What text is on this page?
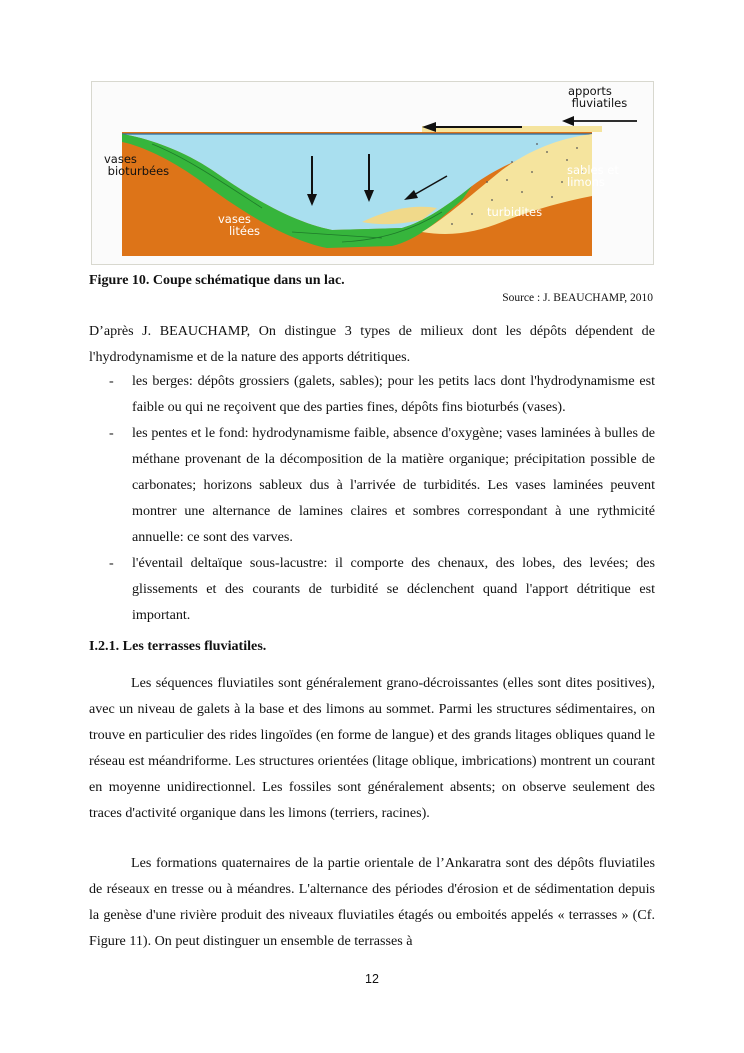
apports
fluviatiles

vases
bioturbées	sables et
limons

turbidites

vases
litées

Figure 10. Coupe schématique dans un lac.

Source : J. BEAUCHAMP, 2010

D’après J. BEAUCHAMP, On distingue 3 types de milieux dont les dépôts dépendent de l'hydrodynamisme et de la nature des apports détritiques.

- les berges: dépôts grossiers (galets, sables); pour les petits lacs dont l'hydrodynamisme est faible ou qui ne reçoivent que des parties fines, dépôts fins bioturbés (vases).
- les pentes et le fond: hydrodynamisme faible, absence d'oxygène; vases laminées à bulles de méthane provenant de la décomposition de la matière organique; précipitation possible de carbonates; horizons sableux dus à l'arrivée de turbidités. Les vases laminées peuvent montrer une alternance de lamines claires et sombres correspondant à une rythmicité annuelle: ce sont des varves.
- l'éventail deltaïque sous-lacustre: il comporte des chenaux, des lobes, des levées; des glissements et des courants de turbidité se déclenchent quand l'apport détritique est important.

I.2.1. Les terrasses fluviatiles.

Les séquences fluviatiles sont généralement grano-décroissantes (elles sont dites positives), avec un niveau de galets à la base et des limons au sommet. Parmi les structures sédimentaires, on trouve en particulier des rides lingoïdes (en forme de langue) et des grands litages obliques quand le réseau est méandriforme. Les structures orientées (litage oblique, imbrications) montrent un courant en moyenne unidirectionnel. Les fossiles sont généralement absents; on observe seulement des traces d'activité organique dans les limons (terriers, racines).

Les formations quaternaires de la partie orientale de l’Ankaratra sont des dépôts fluviatiles de réseaux en tresse ou à méandres. L'alternance des périodes d'érosion et de sédimentation depuis la genèse d'une rivière produit des niveaux fluviatiles étagés ou emboités appelés « terrasses » (Cf. Figure 11). On peut distinguer un ensemble de terrasses à

12
